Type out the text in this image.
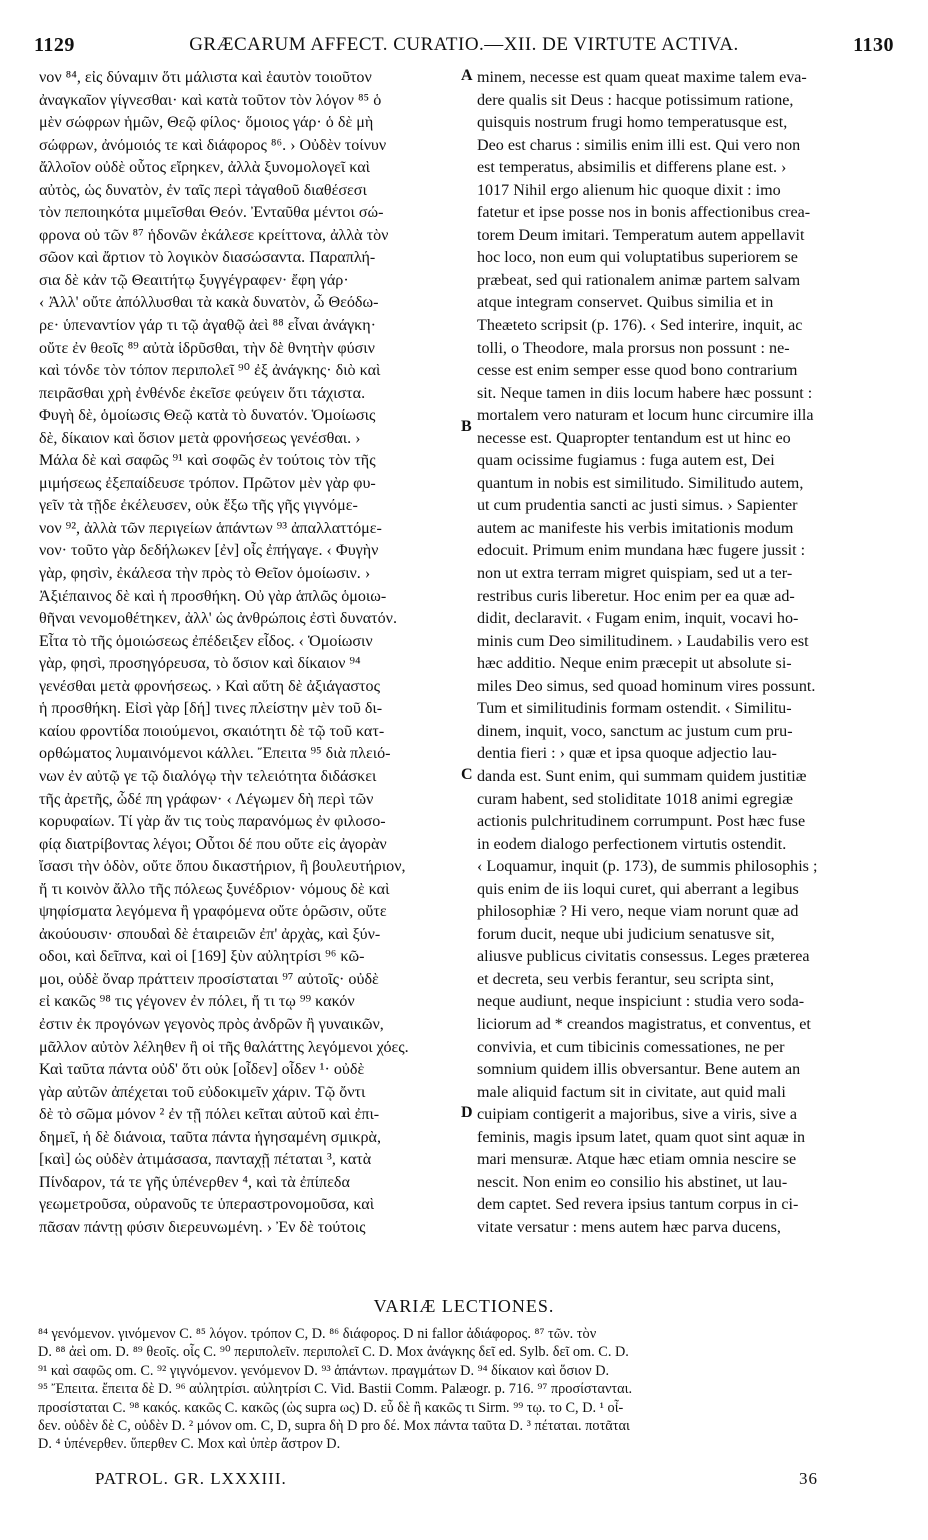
1129	GRÆCARUM AFFECT. CURATIO.—XII. DE VIRTUTE ACTIVA.	1130
νον ⁸⁴, εἰς δύναμιν ὅτι μάλιστα καὶ ἑαυτὸν τοιοῦτον
ἀναγκαῖον γίγνεσθαι· καὶ κατὰ τοῦτον τὸν λόγον ⁸⁵ ὁ
μὲν σώφρων ἡμῶν, Θεῷ φίλος· ὅμοιος γάρ· ὁ δὲ μὴ
σώφρων, ἀνόμοιός τε καὶ διάφορος ⁸⁶. › Οὐδὲν τοίνυν
ἄλλοῖον οὐδὲ οὗτος εἴρηκεν, ἀλλὰ ξυνομολογεῖ καὶ
αὐτὸς, ὡς δυνατὸν, ἐν ταῖς περὶ τἀγαθοῦ διαθέσεσι
τὸν πεποιηκότα μιμεῖσθαι Θεόν. Ἐνταῦθα μέντοι σώ-
φρονα οὐ τῶν ⁸⁷ ἡδονῶν ἐκάλεσε κρείττονα, ἀλλὰ τὸν
σῶον καὶ ἄρτιον τὸ λογικὸν διασώσαντα. Παραπλή-
σια δὲ κἀν τῷ Θεαιτήτῳ ξυγγέγραφεν· ἔφη γάρ·
‹ Ἀλλ' οὔτε ἀπόλλυσθαι τὰ κακὰ δυνατὸν, ὦ Θεόδω-
ρε· ὑπεναντίον γάρ τι τῷ ἀγαθῷ ἀεὶ ⁸⁸ εἶναι ἀνάγκη·
οὔτε ἐν θεοῖς ⁸⁹ αὐτὰ ἱδρῦσθαι, τὴν δὲ θνητὴν φύσιν
καὶ τόνδε τὸν τόπον περιπολεῖ ⁹⁰ ἐξ ἀνάγκης· διὸ καὶ
πειρᾶσθαι χρὴ ἐνθένδε ἐκεῖσε φεύγειν ὅτι τάχιστα.
Φυγὴ δὲ, ὁμοίωσις Θεῷ κατὰ τὸ δυνατόν. Ὁμοίωσις
δὲ, δίκαιον καὶ ὅσιον μετὰ φρονήσεως γενέσθαι. ›
Μάλα δὲ καὶ σαφῶς ⁹¹ καὶ σοφῶς ἐν τούτοις τὸν τῆς
μιμήσεως ἐξεπαίδευσε τρόπον. Πρῶτον μὲν γὰρ φυ-
γεῖν τὰ τῇδε ἐκέλευσεν, οὐκ ἔξω τῆς γῆς γιγνόμε-
νον ⁹², ἀλλὰ τῶν περιγείων ἁπάντων ⁹³ ἀπαλλαττόμε-
νον· τοῦτο γὰρ δεδήλωκεν [ἐν] οἷς ἐπήγαγε. ‹ Φυγὴν
γὰρ, φησὶν, ἐκάλεσα τὴν πρὸς τὸ Θεῖον ὁμοίωσιν. ›
Ἀξιέπαινος δὲ καὶ ἡ προσθήκη. Οὐ γὰρ ἁπλῶς ὁμοιω-
θῆναι νενομοθέτηκεν, ἀλλ' ὡς ἀνθρώποις ἐστὶ δυνατόν.
Εἶτα τὸ τῆς ὁμοιώσεως ἐπέδειξεν εἶδος. ‹ Ὁμοίωσιν
γὰρ, φησὶ, προσηγόρευσα, τὸ ὅσιον καὶ δίκαιον ⁹⁴
γενέσθαι μετὰ φρονήσεως. › Καὶ αὕτη δὲ ἀξιάγαστος
ἡ προσθήκη. Εἰσὶ γὰρ [δή] τινες πλείστην μὲν τοῦ δι-
καίου φροντίδα ποιούμενοι, σκαιότητι δὲ τῷ τοῦ κατ-
ορθώματος λυμαινόμενοι κάλλει. Ἔπειτα ⁹⁵ διὰ πλειό-
νων ἐν αὐτῷ γε τῷ διαλόγῳ τὴν τελειότητα διδάσκει
τῆς ἀρετῆς, ὧδέ πη γράφων· ‹ Λέγωμεν δὴ περὶ τῶν
κορυφαίων. Τί γὰρ ἄν τις τοὺς παρανόμως ἐν φιλοσο-
φίᾳ διατρίβοντας λέγοι; Οὗτοι δέ που οὔτε εἰς ἀγορὰν
ἴσασι τὴν ὁδὸν, οὔτε ὅπου δικαστήριον, ἢ βουλευτήριον,
ἤ τι κοινὸν ἄλλο τῆς πόλεως ξυνέδριον· νόμους δὲ καὶ
ψηφίσματα λεγόμενα ἢ γραφόμενα οὔτε ὁρῶσιν, οὔτε
ἀκούουσιν· σπουδαὶ δὲ ἑταιρειῶν ἐπ' ἀρχὰς, καὶ ξύν-
οδοι, καὶ δεῖπνα, καὶ οἱ [169] ξὺν αὐλητρίσι ⁹⁶ κῶ-
μοι, οὐδὲ ὄναρ πράττειν προσίσταται ⁹⁷ αὐτοῖς· οὐδὲ
εἰ κακῶς ⁹⁸ τις γέγονεν ἐν πόλει, ἤ τι τῳ ⁹⁹ κακόν
ἐστιν ἐκ προγόνων γεγονὸς πρὸς ἀνδρῶν ἢ γυναικῶν,
μᾶλλον αὐτὸν λέληθεν ἢ οἱ τῆς θαλάττης λεγόμενοι χόες.
Καὶ ταῦτα πάντα οὐδ' ὅτι οὐκ [οἶδεν] οἶδεν ¹· οὐδὲ
γὰρ αὐτῶν ἀπέχεται τοῦ εὐδοκιμεῖν χάριν. Τῷ ὄντι
δὲ τὸ σῶμα μόνον ² ἐν τῇ πόλει κεῖται αὐτοῦ καὶ ἐπι-
δημεῖ, ἡ δὲ διάνοια, ταῦτα πάντα ἡγησαμένη σμικρὰ,
[καὶ] ὡς οὐδὲν ἀτιμάσασα, πανταχῇ πέταται ³, κατὰ
Πίνδαρον, τά τε γῆς ὑπένερθεν ⁴, καὶ τὰ ἐπίπεδα
γεωμετροῦσα, οὐρανοῦς τε ὑπεραστρονομοῦσα, καὶ
πᾶσαν πάντῃ φύσιν διερευνωμένη. › Ἐν δὲ τούτοις
minem, necesse est quam queat maxime talem eva-
dere qualis sit Deus : hacque potissimum ratione,
quisquis nostrum frugi homo temperatusque est,
Deo est charus : similis enim illi est. Qui vero non
est temperatus, absimilis et differens plane est. ›
1017 Nihil ergo alienum hic quoque dixit : imo
fatetur et ipse posse nos in bonis affectionibus crea-
torem Deum imitari. Temperatum autem appellavit
hoc loco, non eum qui voluptatibus superiorem se
præbeat, sed qui rationalem animæ partem salvam
atque integram conservet. Quibus similia et in
Theæteto scripsit (p. 176). ‹ Sed interire, inquit, ac
tolli, o Theodore, mala prorsus non possunt : ne-
cesse est enim semper esse quod bono contrarium
sit. Neque tamen in diis locum habere hæc possunt :
mortalem vero naturam et locum hunc circumire illa
necesse est. Quapropter tentandum est ut hinc eo
quam ocissime fugiamus : fuga autem est, Dei
quantum in nobis est similitudo. Similitudo autem,
ut cum prudentia sancti ac justi simus. › Sapienter
autem ac manifeste his verbis imitationis modum
edocuit. Primum enim mundana hæc fugere jussit :
non ut extra terram migret quispiam, sed ut a ter-
restribus curis liberetur. Hoc enim per ea quæ ad-
didit, declaravit. ‹ Fugam enim, inquit, vocavi ho-
minis cum Deo similitudinem. › Laudabilis vero est
hæc additio. Neque enim præcepit ut absolute si-
miles Deo simus, sed quoad hominum vires possunt.
Tum et similitudinis formam ostendit. ‹ Similitu-
dinem, inquit, voco, sanctum ac justum cum pru-
dentia fieri : › quæ et ipsa quoque adjectio lau-
danda est. Sunt enim, qui summam quidem justitiæ
curam habent, sed stoliditate 1018 animi egregiæ
actionis pulchritudinem corrumpunt. Post hæc fuse
in eodem dialogo perfectionem virtutis ostendit.
‹ Loquamur, inquit (p. 173), de summis philosophis ;
quis enim de iis loqui curet, qui aberrant a legibus
philosophiæ ? Hi vero, neque viam norunt quæ ad
forum ducit, neque ubi judicium senatusve sit,
aliusve publicus civitatis consessus. Leges præterea
et decreta, seu verbis ferantur, seu scripta sint,
neque audiunt, neque inspiciunt : studia vero soda-
liciorum ad * creandos magistratus, et conventus, et
convivia, et cum tibicinis comessationes, ne per
somnium quidem illis obversantur. Bene autem an
male aliquid factum sit in civitate, aut quid mali
cuipiam contigerit a majoribus, sive a viris, sive a
feminis, magis ipsum latet, quam quot sint aquæ in
mari mensuræ. Atque hæc etiam omnia nescire se
nescit. Non enim eo consilio his abstinet, ut lau-
dem captet. Sed revera ipsius tantum corpus in ci-
vitate versatur : mens autem hæc parva ducens,
A
B
C
D
VARIÆ LECTIONES.
⁸⁴ γενόμενον. γινόμενον C. ⁸⁵ λόγον. τρόπον C, D. ⁸⁶ διάφορος. D ni fallor ἀδιάφορος. ⁸⁷ τῶν. τὸν
D. ⁸⁸ ἀεὶ om. D. ⁸⁹ θεοῖς. οἷς C. ⁹⁰ περιπολεῖν. περιπολεῖ C. D. Mox ἀνάγκης δεῖ ed. Sylb. δεῖ om. C. D.
⁹¹ καὶ σαφῶς om. C. ⁹² γιγνόμενον. γενόμενον D. ⁹³ ἁπάντων. πραγμάτων D. ⁹⁴ δίκαιον καὶ ὅσιον D.
⁹⁵ Ἔπειτα. ἔπειτα δὲ D. ⁹⁶ αὐλητρίσι. αὐλητρίσι C. Vid. Bastii Comm. Palæogr. p. 716. ⁹⁷ προσίστανται.
προσίσταται C. ⁹⁸ κακός. κακῶς C. κακῶς (ὡς supra ως) D. εὖ δὲ ἢ κακῶς τι Sirm. ⁹⁹ τῳ. το C, D. ¹ οἶ-
δεν. οὐδὲν δὲ C, οὐδὲν D. ² μόνον om. C, D, supra δὴ D pro δέ. Mox πάντα ταῦτα D. ³ πέταται. ποτᾶται
D. ⁴ ὑπένερθεν. ὕπερθεν C. Mox καὶ ὑπὲρ ἄστρον D.
PATROL. GR. LXXXIII.	36
